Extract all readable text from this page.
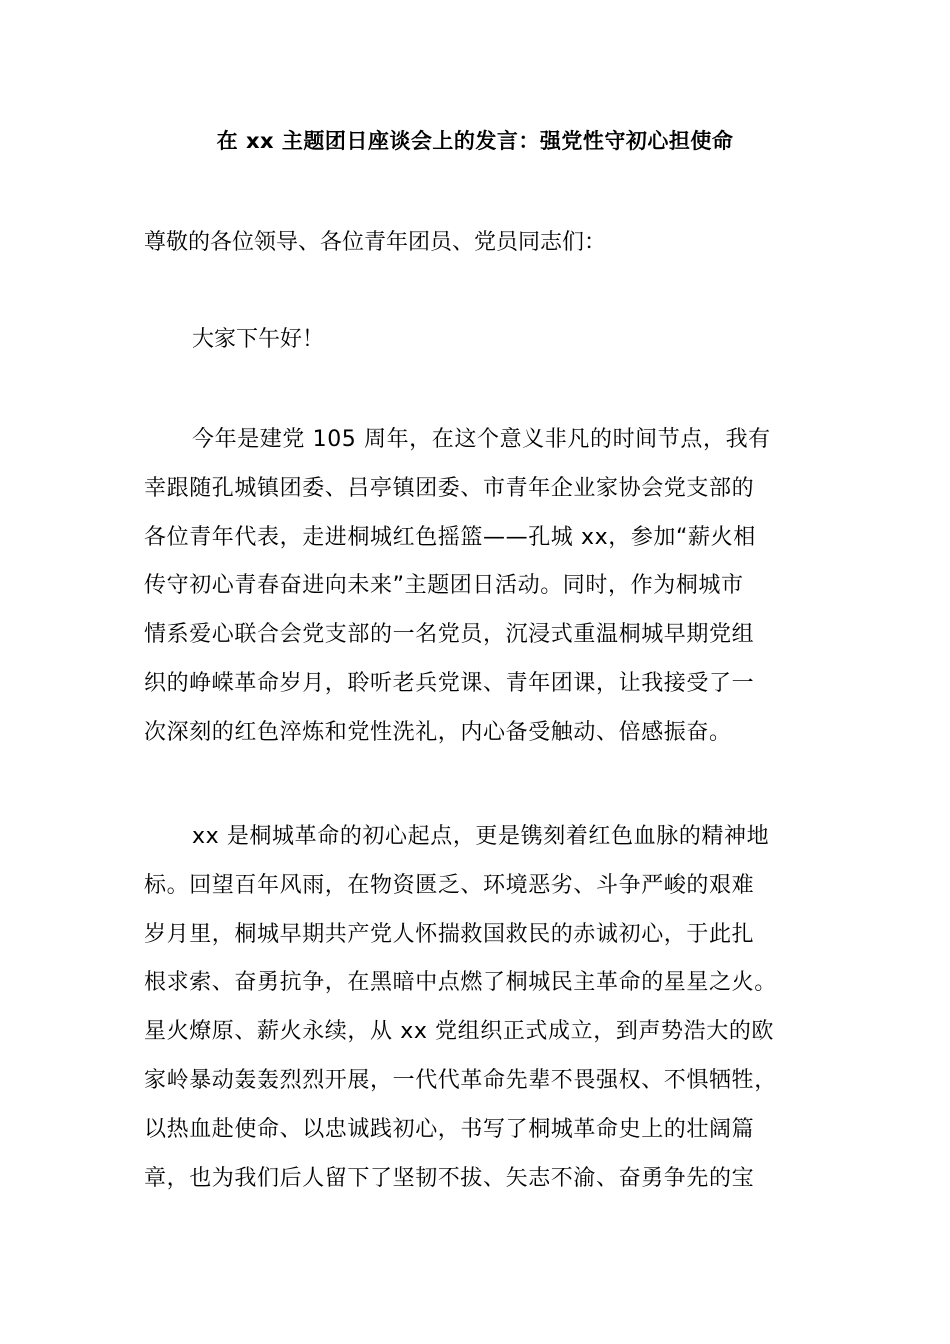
在 xx 主题团日座谈会上的发言：强党性守初心担使命
尊敬的各位领导、各位青年团员、党员同志们：
大家下午好！
今年是建党 105 周年，在这个意义非凡的时间节点，我有
幸跟随孔城镇团委、吕亭镇团委、市青年企业家协会党支部的
各位青年代表，走进桐城红色摇篮——孔城 xx，参加“薪火相
传守初心青春奋进向未来”主题团日活动。同时，作为桐城市
情系爱心联合会党支部的一名党员，沉浸式重温桐城早期党组
织的峥嵘革命岁月，聆听老兵党课、青年团课，让我接受了一
次深刻的红色淬炼和党性洗礼，内心备受触动、倍感振奋。
xx 是桐城革命的初心起点，更是镌刻着红色血脉的精神地
标。回望百年风雨，在物资匮乏、环境恶劣、斗争严峻的艰难
岁月里，桐城早期共产党人怀揣救国救民的赤诚初心，于此扎
根求索、奋勇抗争，在黑暗中点燃了桐城民主革命的星星之火。
星火燎原、薪火永续，从 xx 党组织正式成立，到声势浩大的欧
家岭暴动轰轰烈烈开展，一代代革命先辈不畏强权、不惧牺牲，
以热血赴使命、以忠诚践初心，书写了桐城革命史上的壮阔篇
章，也为我们后人留下了坚韧不拔、矢志不渝、奋勇争先的宝
